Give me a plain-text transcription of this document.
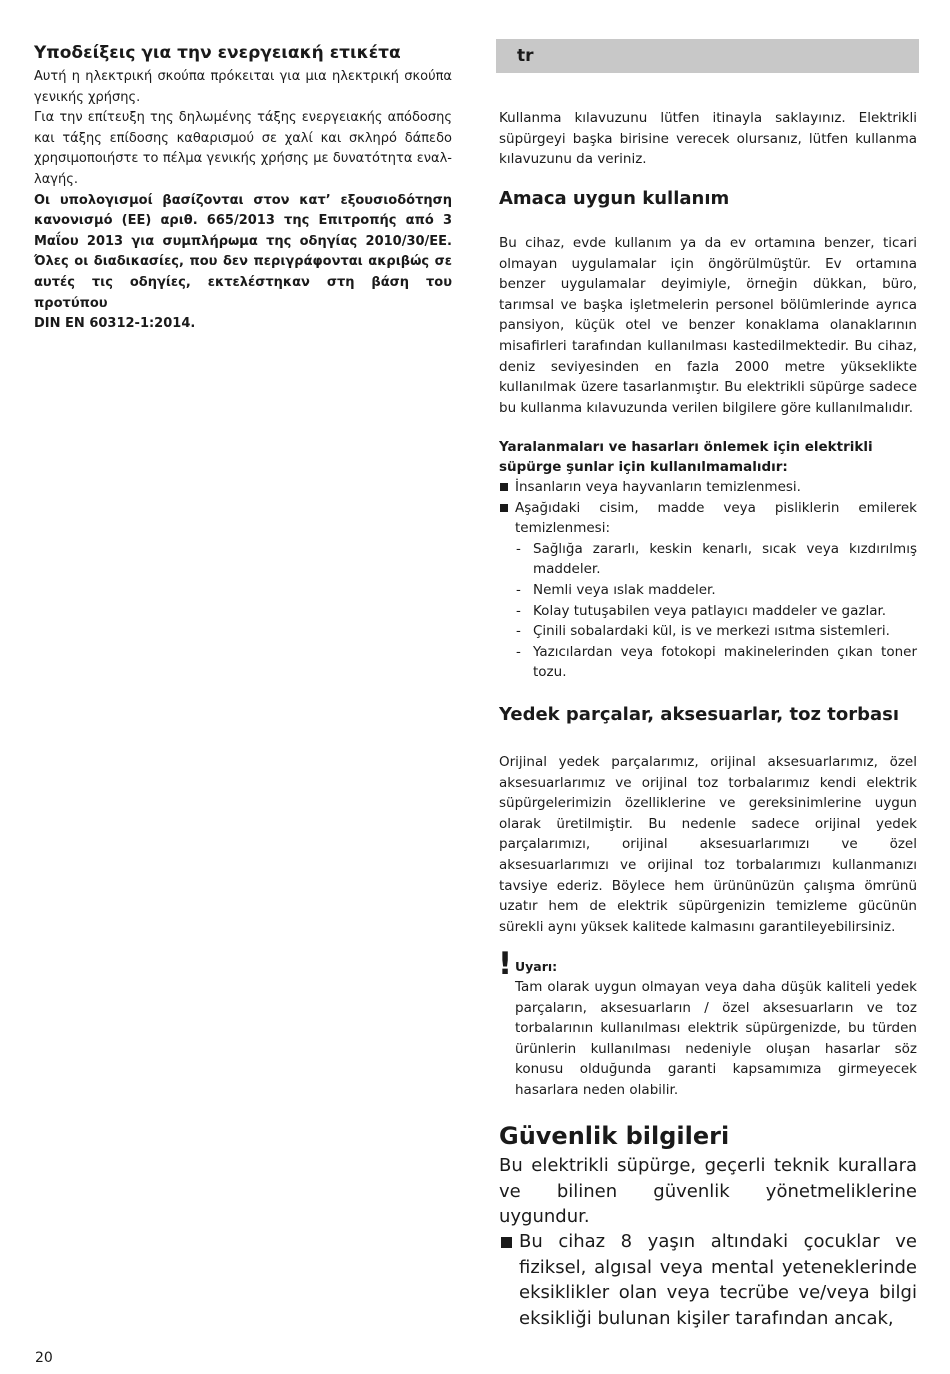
Υποδείξεις για την ενεργειακή ετικέτα

Αυτή η ηλεκτρική σκούπα πρόκειται για μια ηλεκτρική σκούπα γενικής χρήσης.

Για την επίτευξη της δηλωμένης τάξης ενεργειακής απόδοσης και τάξης επίδοσης καθαρισμού σε χαλί και σκληρό δάπεδο χρησιμοποιήστε το πέλμα γενικής χρήσης με δυνατότητα εναλ-λαγής.

Οι υπολογισμοί βασίζονται στον κατ’ εξουσιοδότηση κανονισμό (ΕΕ) αριθ. 665/2013 της Επιτροπής από 3 Μαΐου 2013 για συμπλήρωμα της οδηγίας 2010/30/ΕΕ. Όλες οι διαδικασίες, που δεν περιγράφονται ακριβώς σε αυτές τις οδηγίες, εκτελέστηκαν στη βάση του προτύπου

DIN EN 60312-1:2014.

tr

Kullanma kılavuzunu lütfen itinayla saklayınız. Elektrikli süpürgeyi başka birisine verecek olursanız, lütfen kullanma kılavuzunu da veriniz.

Amaca uygun kullanım

Bu cihaz, evde kullanım ya da ev ortamına benzer, ticari olmayan uygulamalar için öngörülmüştür. Ev ortamına benzer uygulamalar deyimiyle, örneğin dükkan, büro, tarımsal ve başka işletmelerin personel bölümlerinde ayrıca pansiyon, küçük otel ve benzer konaklama olanaklarının misafirleri tarafından kullanılması kastedilmektedir. Bu cihaz, deniz seviyesinden en fazla 2000 metre yükseklikte kullanılmak üzere tasarlanmıştır. Bu elektrikli süpürge sadece bu kullanma kılavuzunda verilen bilgilere göre kullanılmalıdır.

Yaralanmaları ve hasarları önlemek için elektrikli süpürge şunlar için kullanılmamalıdır:

İnsanların veya hayvanların temizlenmesi.
Aşağıdaki cisim, madde veya pisliklerin emilerek temizlenmesi:
- Sağlığa zararlı, keskin kenarlı, sıcak veya kızdırılmış maddeler.
- Nemli veya ıslak maddeler.
- Kolay tutuşabilen veya patlayıcı maddeler ve gazlar.
- Çinili sobalardaki kül, is ve merkezi ısıtma sistemleri.
- Yazıcılardan veya fotokopi makinelerinden çıkan toner tozu.
Yedek parçalar, aksesuarlar, toz torbası

Orijinal yedek parçalarımız, orijinal aksesuarlarımız, özel aksesuarlarımız ve orijinal toz torbalarımız kendi elektrik süpürgelerimizin özelliklerine ve gereksinimlerine uygun olarak üretilmiştir. Bu nedenle sadece orijinal yedek parçalarımızı, orijinal aksesuarlarımızı ve özel aksesuarlarımızı ve orijinal toz torbalarımızı kullanmanızı tavsiye ederiz. Böylece hem ürününüzün çalışma ömrünü uzatır hem de elektrik süpürgenizin temizleme gücünün sürekli aynı yüksek kalitede kalmasını garantileyebilirsiniz.

! Uyarı:

Tam olarak uygun olmayan veya daha düşük kaliteli yedek parçaların, aksesuarların / özel aksesuarların ve toz torbalarının kullanılması elektrik süpürgenizde, bu türden ürünlerin kullanılması nedeniyle oluşan hasarlar söz konusu olduğunda garanti kapsamımıza girmeyecek hasarlara neden olabilir.

Güvenlik bilgileri

Bu elektrikli süpürge, geçerli teknik kurallara ve bilinen güvenlik yönetmeliklerine uygundur.

Bu cihaz 8 yaşın altındaki çocuklar ve fiziksel, algısal veya mental yeteneklerinde eksiklikler olan veya tecrübe ve/veya bilgi eksikliği bulunan kişiler tarafından ancak,
20
